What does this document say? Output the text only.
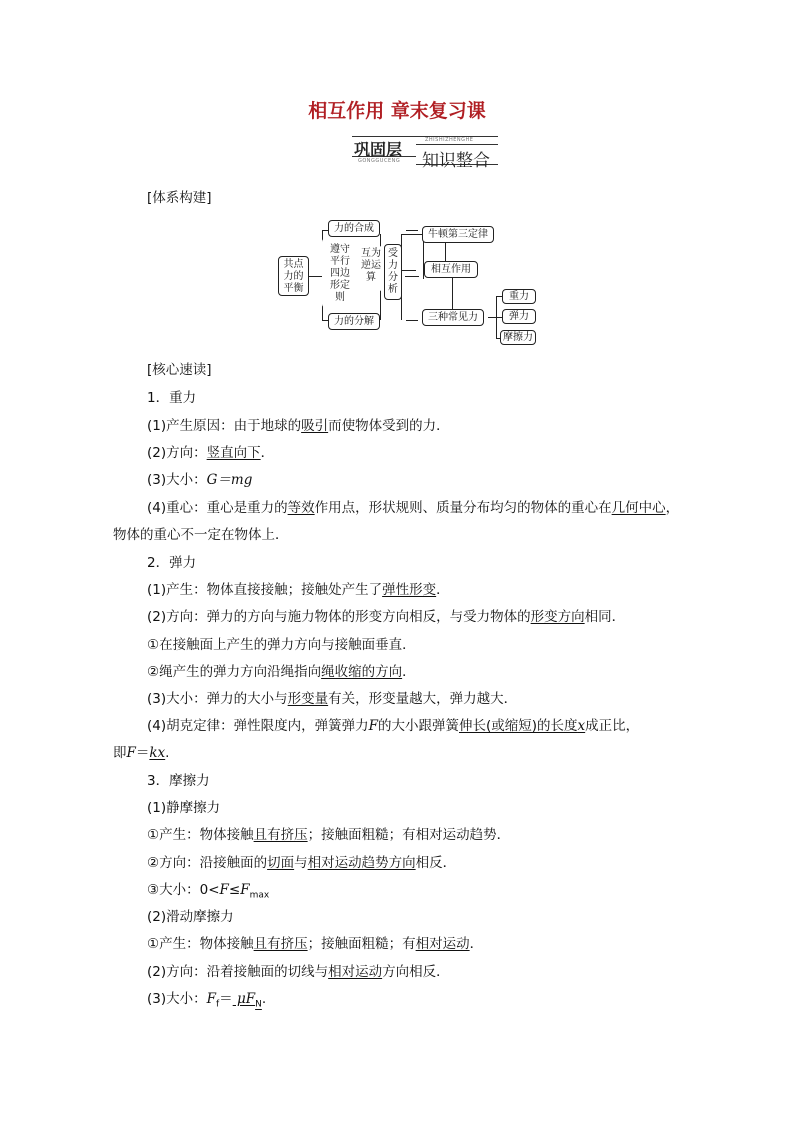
相互作用 章末复习课
巩固层	ZHISHIZHENGHE
知识整合
GONGGUCENG
[体系构建]
共点力的平衡
力的合成
遵守平行四边形定则
互为逆运算
受力分析
力的分解
牛顿第三定律
相互作用
三种常见力
重力
弹力
摩擦力
[核心速读]
1．重力
(1)产生原因：由于地球的吸引而使物体受到的力．
(2)方向：竖直向下．
(3)大小：G＝mg
(4)重心：重心是重力的等效作用点，形状规则、质量分布均匀的物体的重心在几何中心，
物体的重心不一定在物体上．
2．弹力
(1)产生：物体直接接触；接触处产生了弹性形变．
(2)方向：弹力的方向与施力物体的形变方向相反，与受力物体的形变方向相同．
①在接触面上产生的弹力方向与接触面垂直．
②绳产生的弹力方向沿绳指向绳收缩的方向．
(3)大小：弹力的大小与形变量有关，形变量越大，弹力越大．
(4)胡克定律：弹性限度内，弹簧弹力F的大小跟弹簧伸长(或缩短)的长度x成正比，
即F＝kx.
3．摩擦力
(1)静摩擦力
①产生：物体接触且有挤压；接触面粗糙；有相对运动趋势．
②方向：沿接触面的切面与相对运动趋势方向相反．
③大小：$0<F\le F_{max}$
(2)滑动摩擦力
①产生：物体接触且有挤压；接触面粗糙；有相对运动．
(2)方向：沿着接触面的切线与相对运动方向相反．
(3)大小：$F_f= \mu F_N$.
